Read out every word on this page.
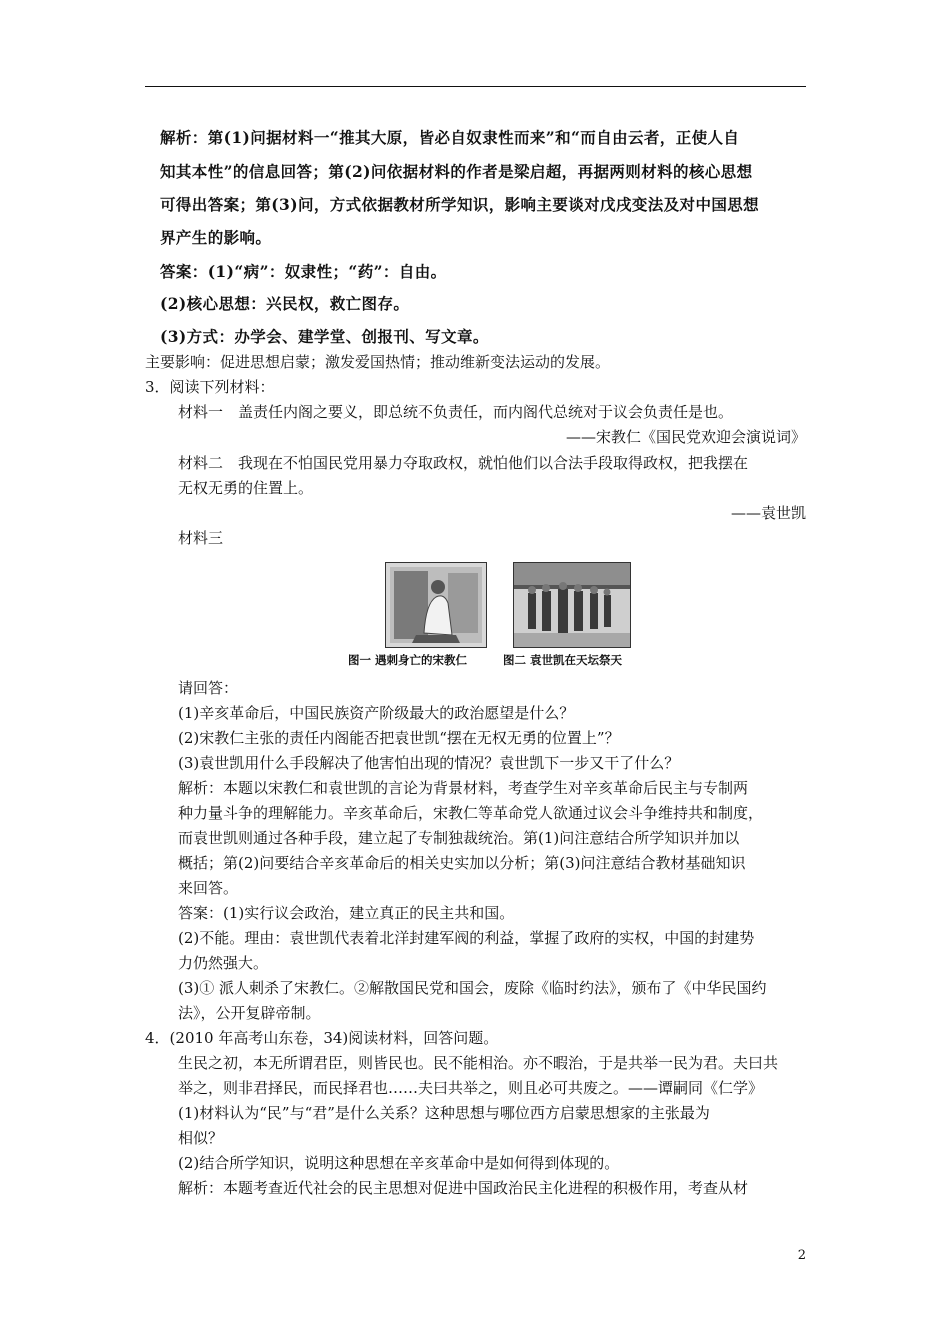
解析：第(1)问据材料一“推其大原，皆必自奴隶性而来”和“而自由云者，正使人自
知其本性”的信息回答；第(2)问依据材料的作者是梁启超，再据两则材料的核心思想
可得出答案；第(3)问，方式依据教材所学知识，影响主要谈对戊戌变法及对中国思想
界产生的影响。
答案：(1)“病”：奴隶性；“药”：自由。
(2)核心思想：兴民权，救亡图存。
(3)方式：办学会、建学堂、创报刊、写文章。
主要影响：促进思想启蒙；激发爱国热情；推动维新变法运动的发展。
3．阅读下列材料：
材料一　盖责任内阁之要义，即总统不负责任，而内阁代总统对于议会负责任是也。
——宋教仁《国民党欢迎会演说词》
材料二　我现在不怕国民党用暴力夺取政权，就怕他们以合法手段取得政权，把我摆在
无权无勇的住置上。
——袁世凯
材料三
图一 遇刺身亡的宋教仁	图二 袁世凯在天坛祭天
请回答：
(1)辛亥革命后，中国民族资产阶级最大的政治愿望是什么？
(2)宋教仁主张的责任内阁能否把袁世凯“摆在无权无勇的位置上”？
(3)袁世凯用什么手段解决了他害怕出现的情况？袁世凯下一步又干了什么？
解析：本题以宋教仁和袁世凯的言论为背景材料，考查学生对辛亥革命后民主与专制两
种力量斗争的理解能力。辛亥革命后，宋教仁等革命党人欲通过议会斗争维持共和制度，
而袁世凯则通过各种手段，建立起了专制独裁统治。第(1)问注意结合所学知识并加以
概括；第(2)问要结合辛亥革命后的相关史实加以分析；第(3)问注意结合教材基础知识
来回答。
答案：(1)实行议会政治，建立真正的民主共和国。
(2)不能。理由：袁世凯代表着北洋封建军阀的利益，掌握了政府的实权，中国的封建势
力仍然强大。
(3)① 派人刺杀了宋教仁。②解散国民党和国会，废除《临时约法》，颁布了《中华民国约
法》，公开复辟帝制。
4．(2010 年高考山东卷，34)阅读材料，回答问题。
生民之初，本无所谓君臣，则皆民也。民不能相治。亦不暇治，于是共举一民为君。夫曰共
举之，则非君择民，而民择君也……夫曰共举之，则且必可共废之。——谭嗣同《仁学》
(1)材料认为“民”与“君”是什么关系？这种思想与哪位西方启蒙思想家的主张最为
相似？
(2)结合所学知识，说明这种思想在辛亥革命中是如何得到体现的。
解析：本题考查近代社会的民主思想对促进中国政治民主化进程的积极作用，考查从材
2
